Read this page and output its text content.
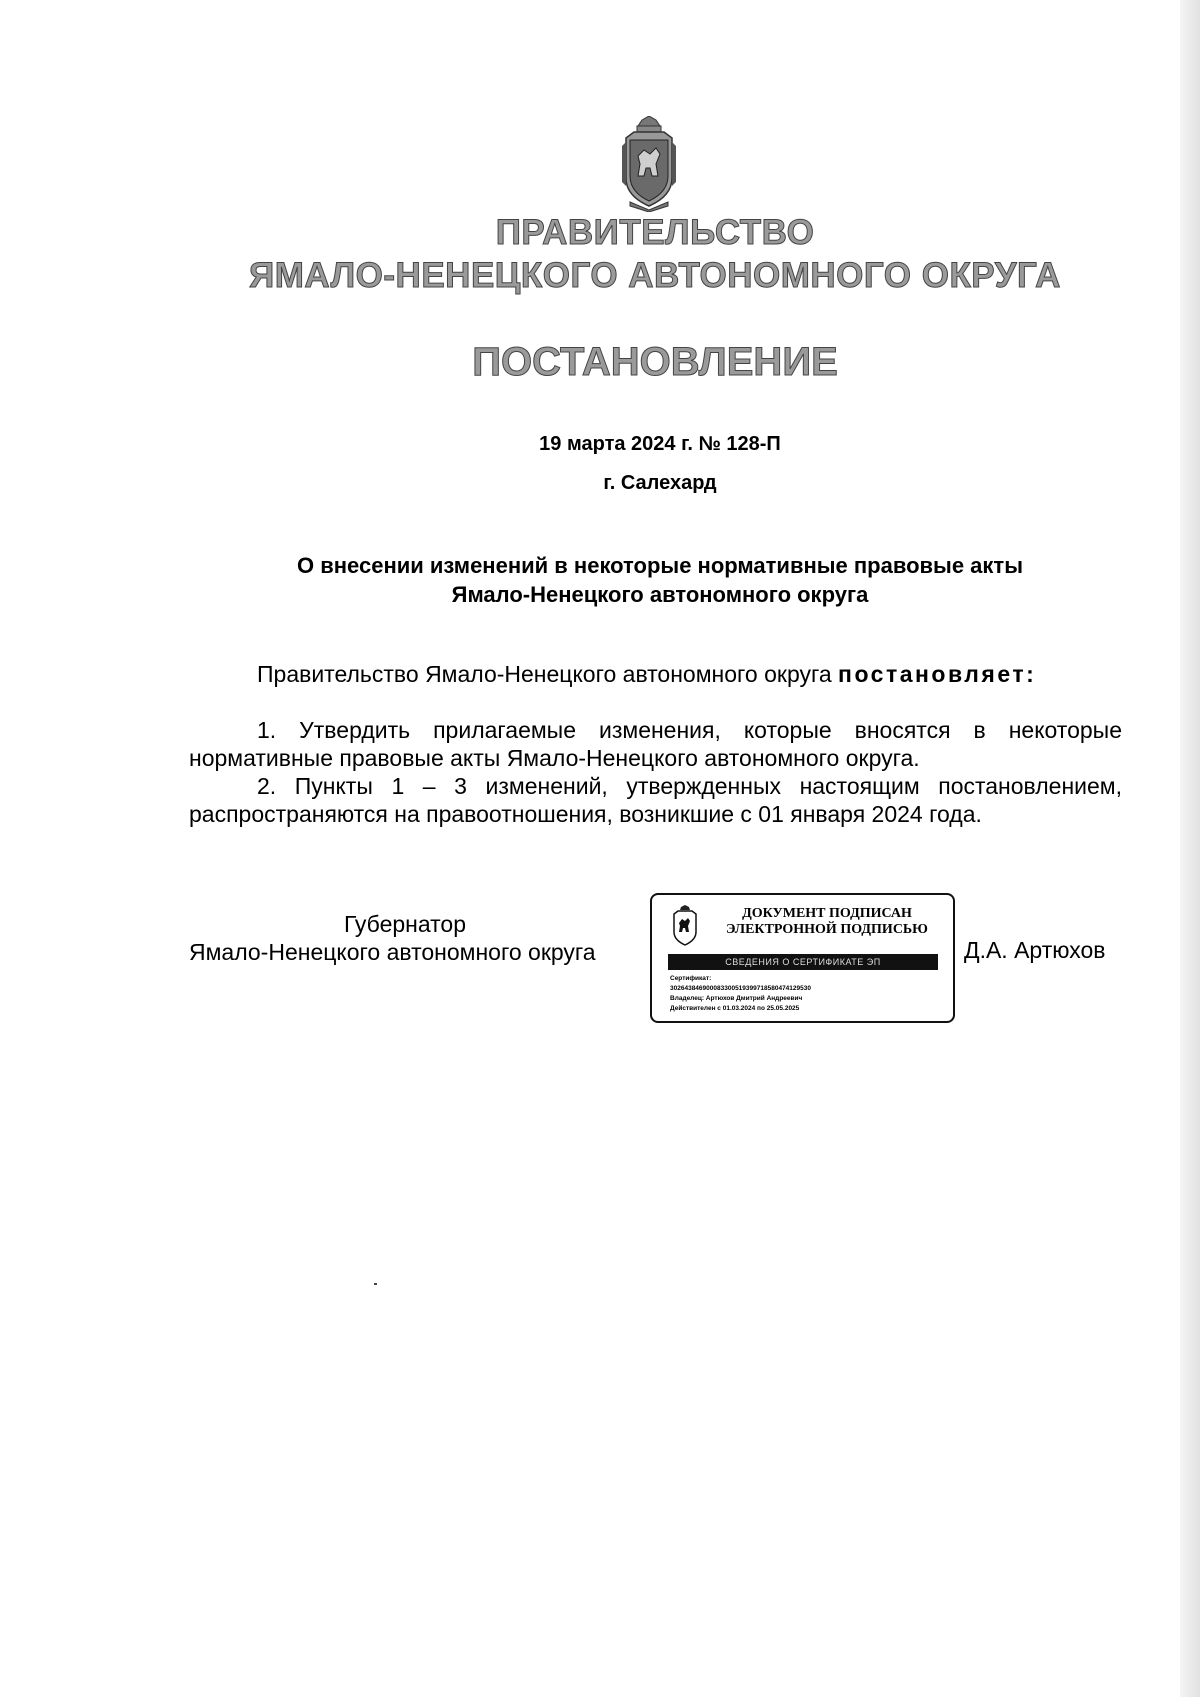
ПРАВИТЕЛЬСТВО
ЯМАЛО-НЕНЕЦКОГО АВТОНОМНОГО ОКРУГА
ПОСТАНОВЛЕНИЕ
19 марта 2024 г. № 128-П
г. Салехард
О внесении изменений в некоторые нормативные правовые акты
Ямало-Ненецкого автономного округа
Правительство Ямало-Ненецкого автономного округа постановляет:

1. Утвердить прилагаемые изменения, которые вносятся в некоторые нормативные правовые акты Ямало-Ненецкого автономного округа.

2. Пункты 1 – 3 изменений, утвержденных настоящим постановлением, распространяются на правоотношения, возникшие с 01 января 2024 года.

Губернатор
Ямало-Ненецкого автономного округа
ДОКУМЕНТ ПОДПИСАН
ЭЛЕКТРОННОЙ ПОДПИСЬЮ
СВЕДЕНИЯ О СЕРТИФИКАТЕ ЭП
Сертификат:
30264384690008330051939971858047412953​0
Владелец: Артюхов Дмитрий Андреевич
Действителен с 01.03.2024 по 25.05.2025
Д.А. Артюхов
